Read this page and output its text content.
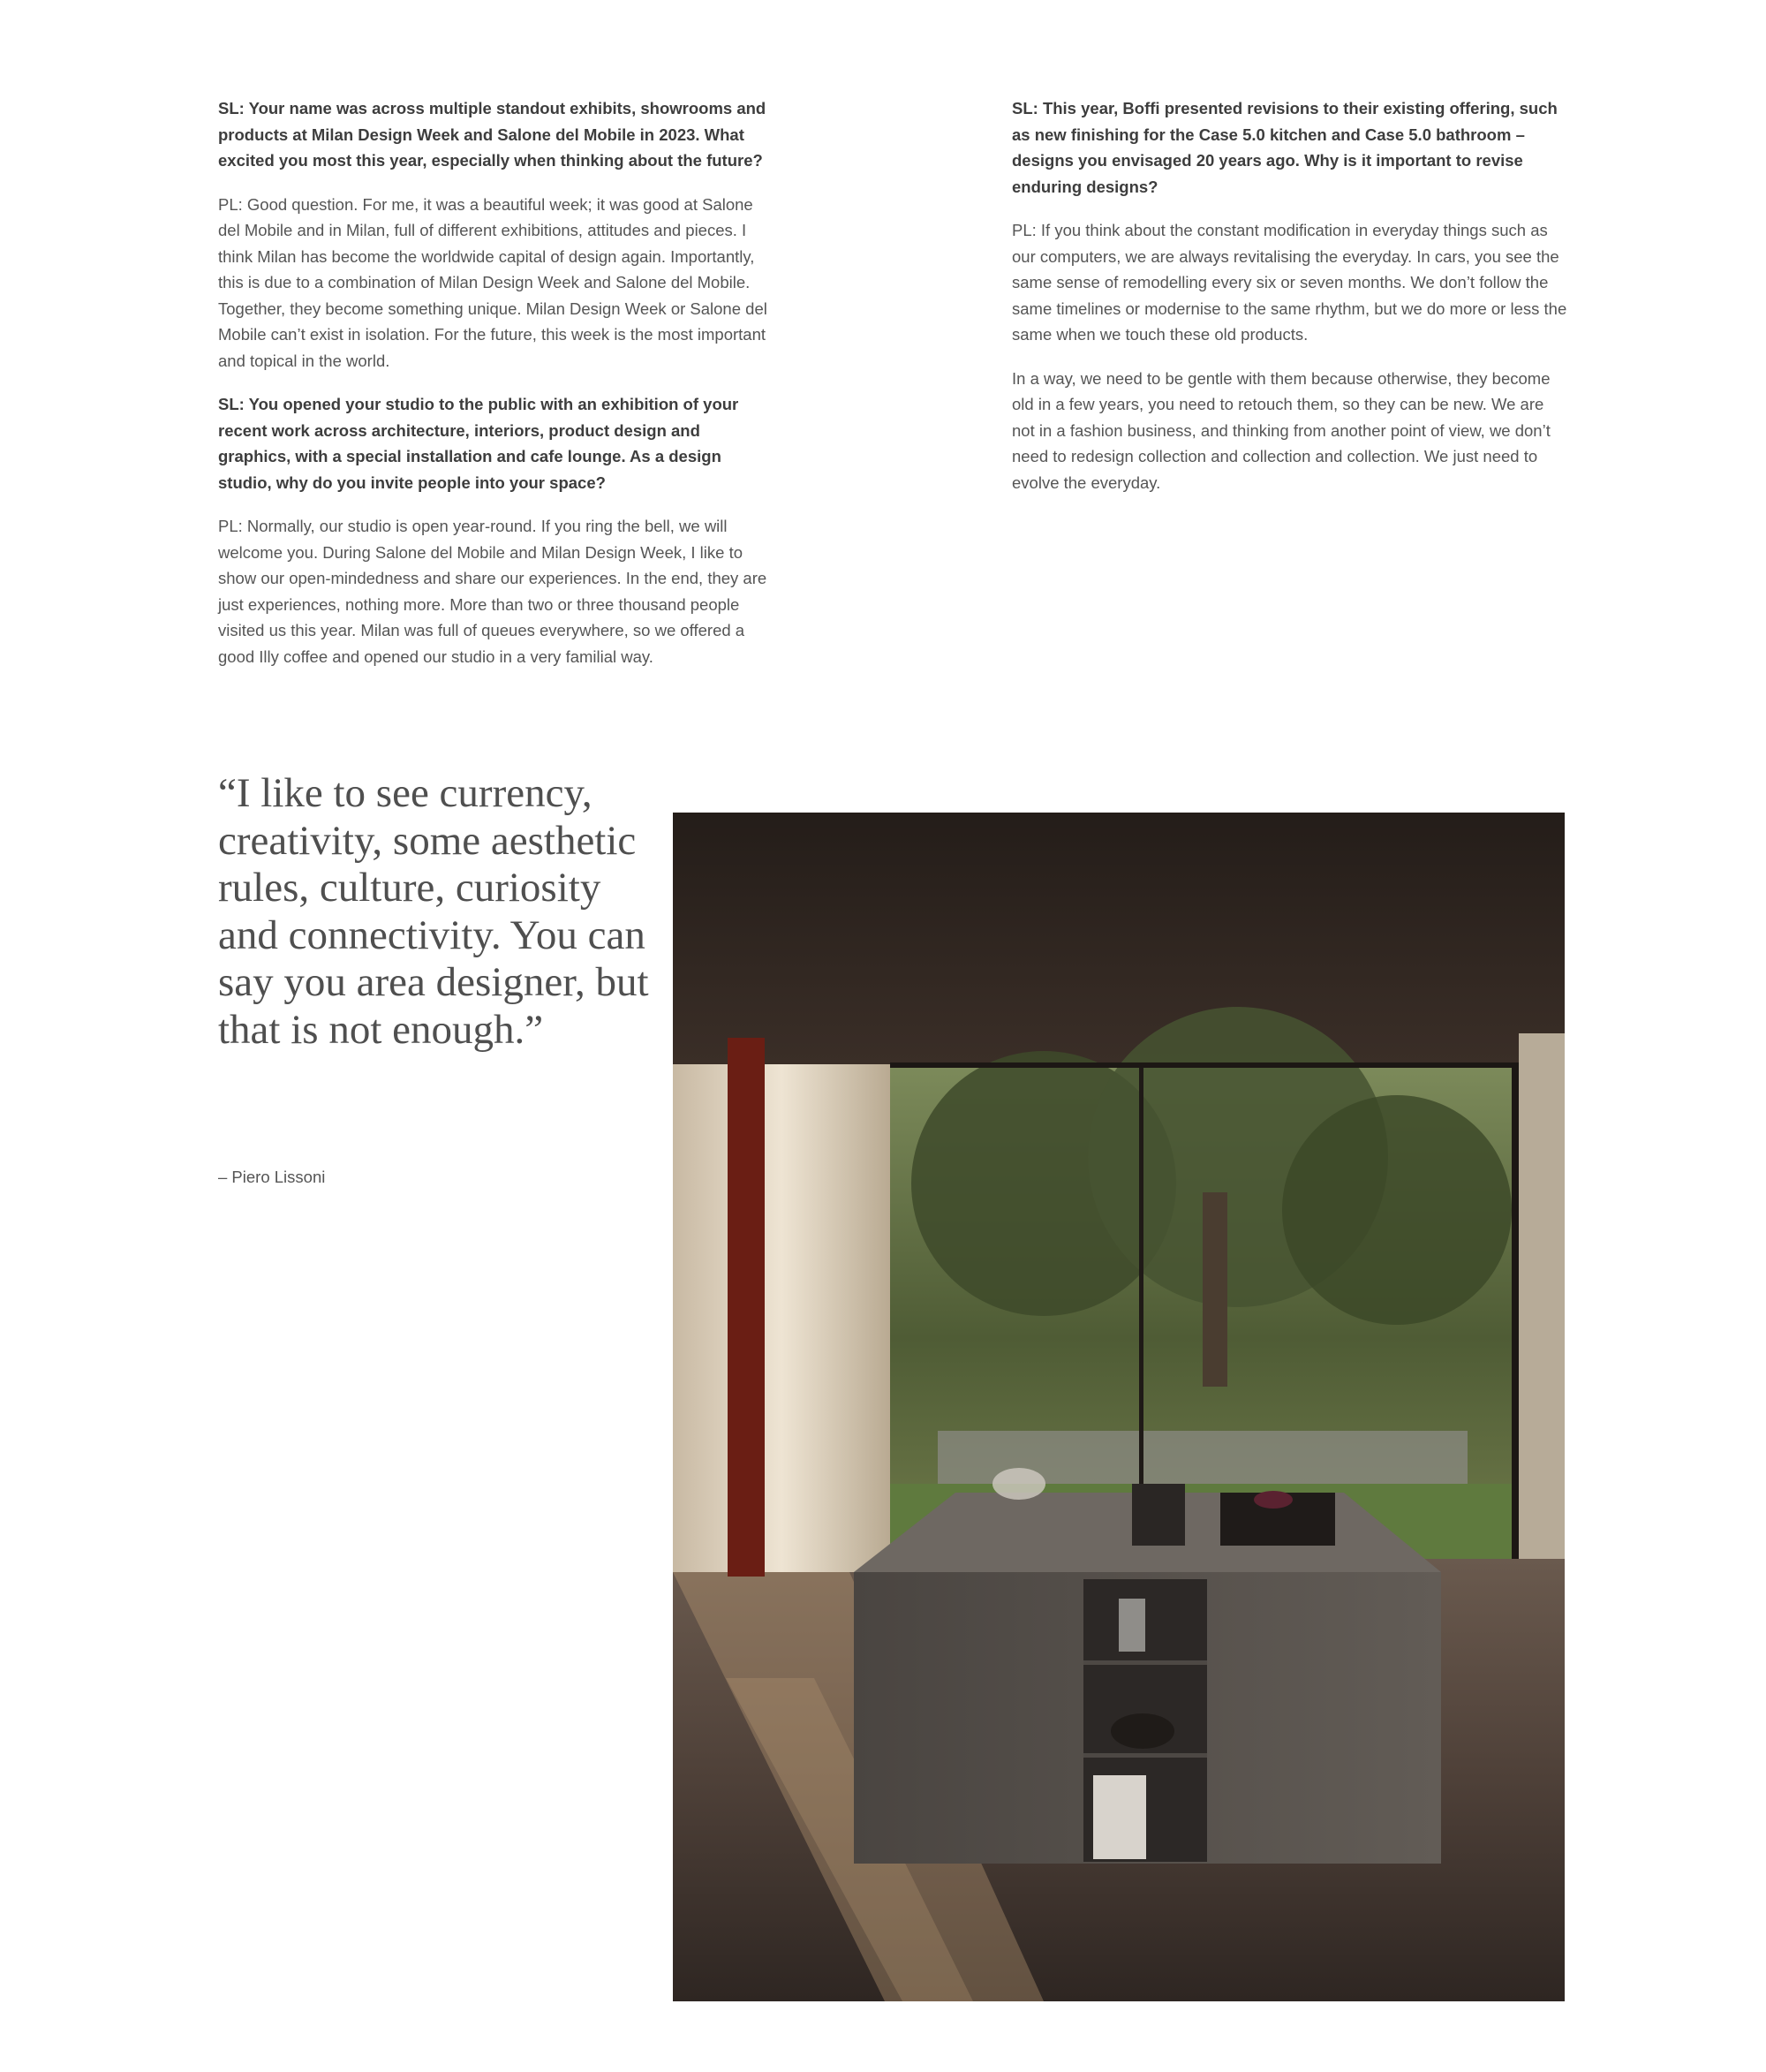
SL: Your name was across multiple standout exhibits, showrooms and products at Milan Design Week and Salone del Mobile in 2023. What excited you most this year, especially when thinking about the future?

PL: Good question. For me, it was a beautiful week; it was good at Salone del Mobile and in Milan, full of different exhibitions, attitudes and pieces. I think Milan has become the worldwide capital of design again. Importantly, this is due to a combination of Milan Design Week and Salone del Mobile. Together, they become something unique. Milan Design Week or Salone del Mobile can’t exist in isolation. For the future, this week is the most important and topical in the world.

SL: You opened your studio to the public with an exhibition of your recent work across architecture, interiors, product design and graphics, with a special installation and cafe lounge. As a design studio, why do you invite people into your space?

PL: Normally, our studio is open year-round. If you ring the bell, we will welcome you. During Salone del Mobile and Milan Design Week, I like to show our open-mindedness and share our experiences. In the end, they are just experiences, nothing more. More than two or three thousand people visited us this year. Milan was full of queues everywhere, so we offered a good Illy coffee and opened our studio in a very familial way.

SL: This year, Boffi presented revisions to their existing offering, such as new finishing for the Case 5.0 kitchen and Case 5.0 bathroom – designs you envisaged 20 years ago. Why is it important to revise enduring designs?

PL: If you think about the constant modification in everyday things such as our computers, we are always revitalising the everyday. In cars, you see the same sense of remodelling every six or seven months. We don’t follow the same timelines or modernise to the same rhythm, but we do more or less the same when we touch these old products.

In a way, we need to be gentle with them because otherwise, they become old in a few years, you need to retouch them, so they can be new. We are not in a fashion business, and thinking from another point of view, we don’t need to redesign collection and collection and collection. We just need to evolve the everyday.

“I like to see currency, creativity, some aesthetic rules, culture, curiosity and connectivity. You can say you area designer, but that is not enough.”

– Piero Lissoni
